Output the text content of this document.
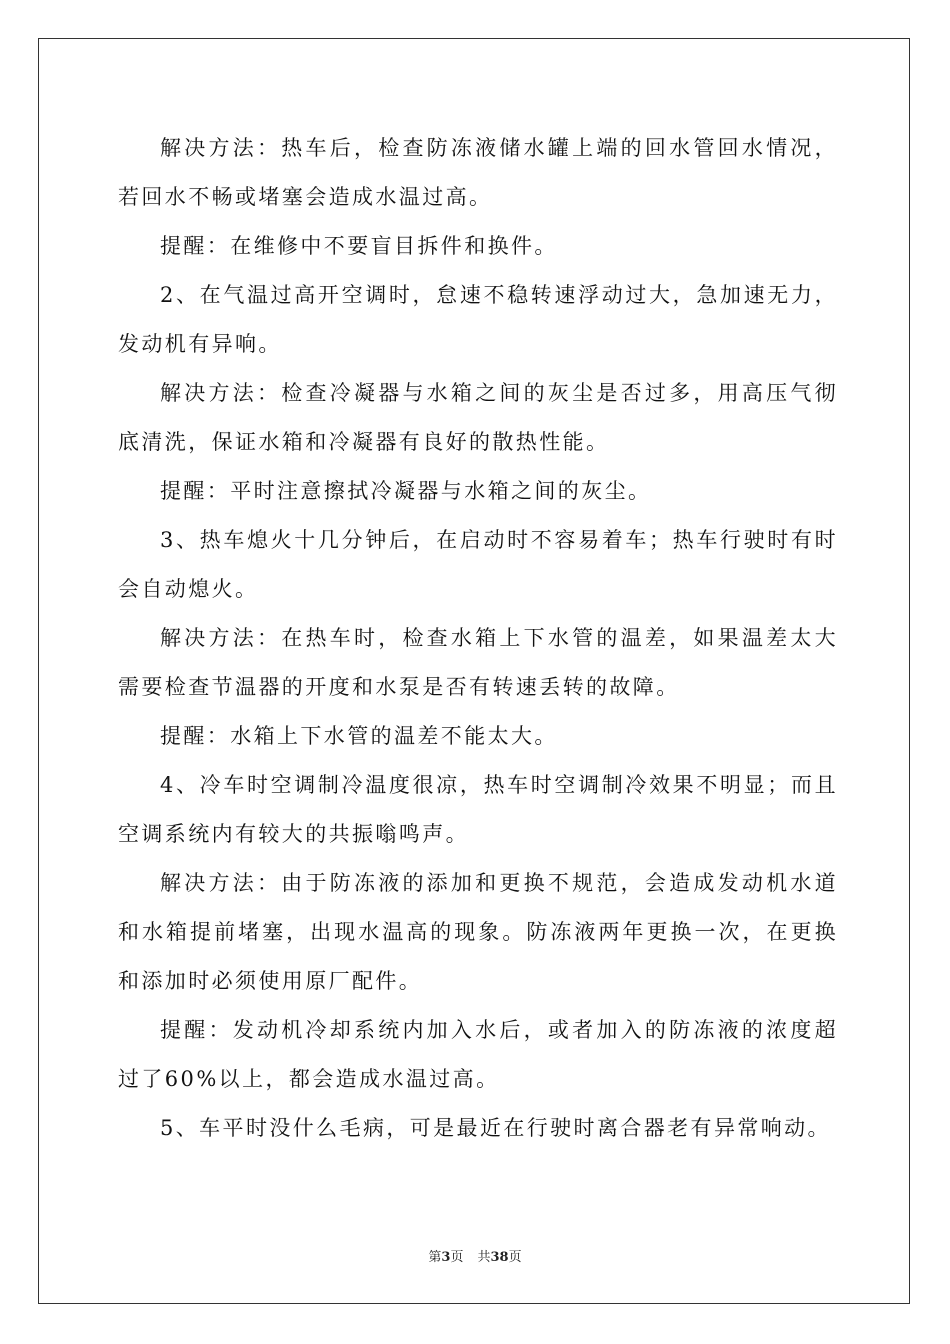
解决方法：热车后，检查防冻液储水罐上端的回水管回水情况，若回水不畅或堵塞会造成水温过高。

提醒：在维修中不要盲目拆件和换件。

2、在气温过高开空调时，怠速不稳转速浮动过大，急加速无力，发动机有异响。

解决方法：检查冷凝器与水箱之间的灰尘是否过多，用高压气彻底清洗，保证水箱和冷凝器有良好的散热性能。

提醒：平时注意擦拭冷凝器与水箱之间的灰尘。

3、热车熄火十几分钟后，在启动时不容易着车；热车行驶时有时会自动熄火。

解决方法：在热车时，检查水箱上下水管的温差，如果温差太大需要检查节温器的开度和水泵是否有转速丢转的故障。

提醒：水箱上下水管的温差不能太大。

4、冷车时空调制冷温度很凉，热车时空调制冷效果不明显；而且空调系统内有较大的共振嗡鸣声。

解决方法：由于防冻液的添加和更换不规范，会造成发动机水道和水箱提前堵塞，出现水温高的现象。防冻液两年更换一次，在更换和添加时必须使用原厂配件。

提醒：发动机冷却系统内加入水后，或者加入的防冻液的浓度超过了60%以上，都会造成水温过高。

5、车平时没什么毛病，可是最近在行驶时离合器老有异常响动。

第3页 共38页
